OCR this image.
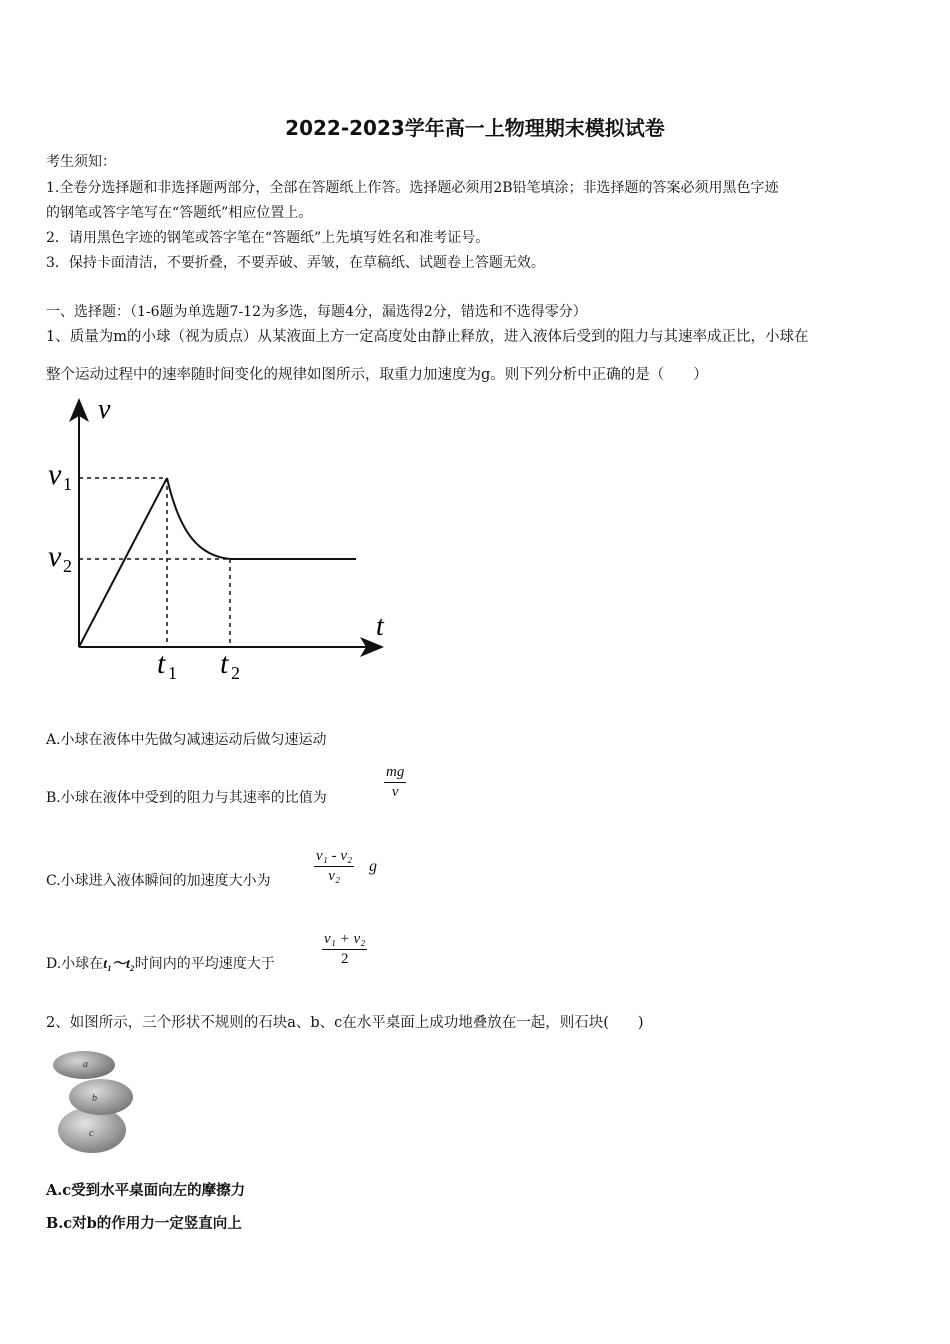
2022-2023学年高一上物理期末模拟试卷
考生须知：
1.全卷分选择题和非选择题两部分，全部在答题纸上作答。选择题必须用2B铅笔填涂；非选择题的答案必须用黑色字迹
的钢笔或答字笔写在“答题纸”相应位置上。
2．请用黑色字迹的钢笔或答字笔在“答题纸”上先填写姓名和准考证号。
3．保持卡面清洁，不要折叠，不要弄破、弄皱，在草稿纸、试题卷上答题无效。
一、选择题：（1-6题为单选题7-12为多选，每题4分，漏选得2分，错选和不选得零分）
1、质量为m的小球（视为质点）从某液面上方一定高度处由静止释放，进入液体后受到的阻力与其速率成正比，小球在
整个运动过程中的速率随时间变化的规律如图所示，取重力加速度为g。则下列分析中正确的是（　　）
v
t
v 1
v 2
t 1 t 2
A.小球在液体中先做匀减速运动后做匀速运动
B.小球在液体中受到的阻力与其速率的比值为
mg
v
C.小球进入液体瞬间的加速度大小为
v₁ - v₂
v₂
g
D.小球在t₁～t₂时间内的平均速度大于
v₁ + v₂
2
2、如图所示，三个形状不规则的石块a、b、c在水平桌面上成功地叠放在一起，则石块(　　)
a
b
c
A.c受到水平桌面向左的摩擦力
B.c对b的作用力一定竖直向上
